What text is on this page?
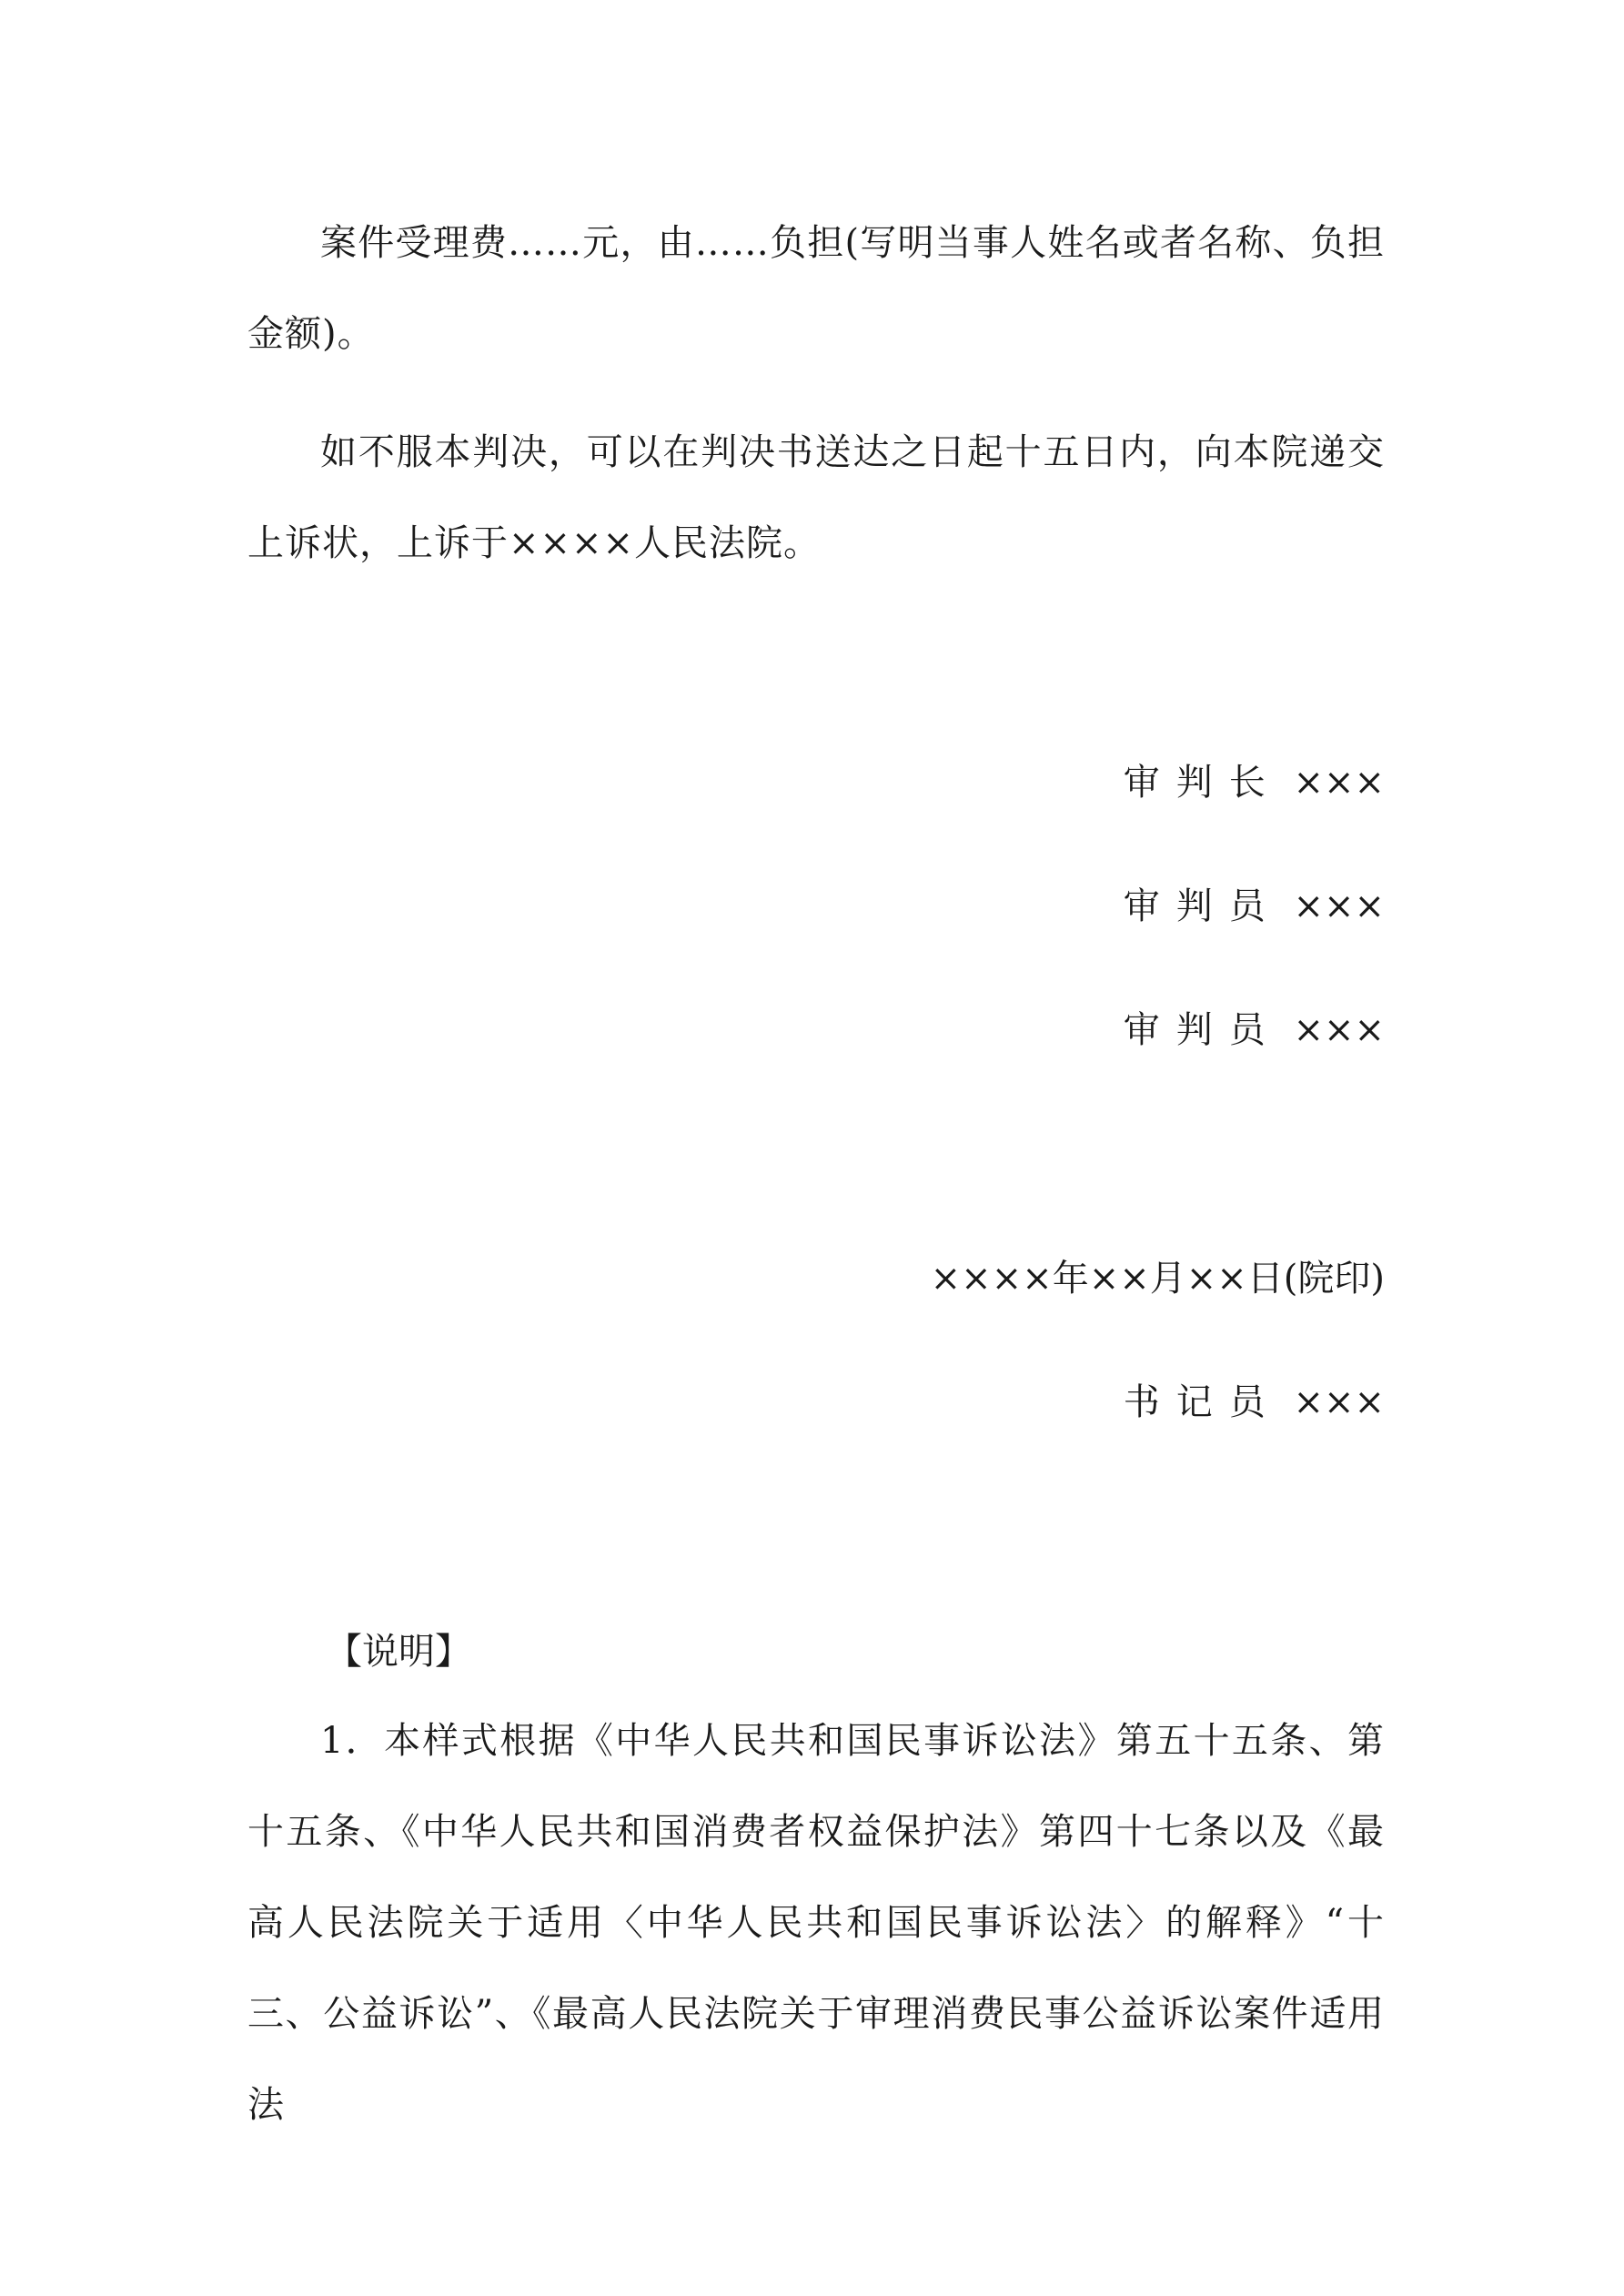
案件受理费……元，由……负担(写明当事人姓名或者名称、负担金额)。

如不服本判决，可以在判决书送达之日起十五日内，向本院递交上诉状，上诉于××××人民法院。

审判长 ×××

审判员 ×××

审判员 ×××

××××年××月××日(院印)

书记员 ×××

【说明】

1．本样式根据《中华人民共和国民事诉讼法》第五十五条、第十五条、《中华人民共和国消费者权益保护法》第四十七条以及《最高人民法院关于适用〈中华人民共和国民事诉讼法〉的解释》“十三、公益诉讼”、《最高人民法院关于审理消费民事公益诉讼案件适用法
